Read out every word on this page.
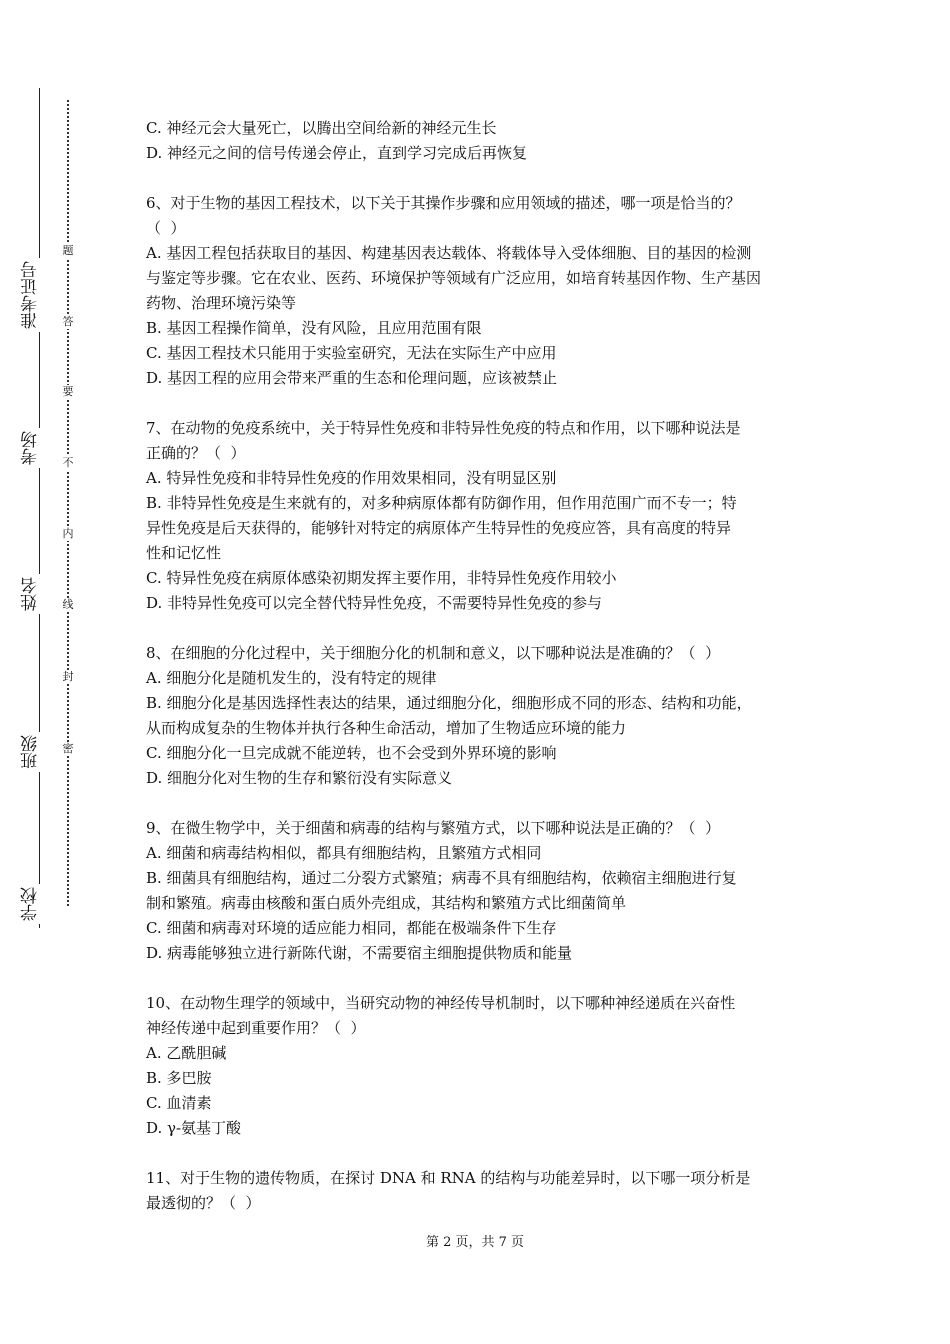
准考证号
考场
姓名
班级
学校
题
答
要
不
内
线
封
密
C. 神经元会大量死亡，以腾出空间给新的神经元生长
D. 神经元之间的信号传递会停止，直到学习完成后再恢复
6、对于生物的基因工程技术，以下关于其操作步骤和应用领域的描述，哪一项是恰当的？
（  ）
A. 基因工程包括获取目的基因、构建基因表达载体、将载体导入受体细胞、目的基因的检测
与鉴定等步骤。它在农业、医药、环境保护等领域有广泛应用，如培育转基因作物、生产基因
药物、治理环境污染等
B. 基因工程操作简单，没有风险，且应用范围有限
C. 基因工程技术只能用于实验室研究，无法在实际生产中应用
D. 基因工程的应用会带来严重的生态和伦理问题，应该被禁止
7、在动物的免疫系统中，关于特异性免疫和非特异性免疫的特点和作用，以下哪种说法是
正确的？（  ）
A. 特异性免疫和非特异性免疫的作用效果相同，没有明显区别
B. 非特异性免疫是生来就有的，对多种病原体都有防御作用，但作用范围广而不专一；特
异性免疫是后天获得的，能够针对特定的病原体产生特异性的免疫应答，具有高度的特异
性和记忆性
C. 特异性免疫在病原体感染初期发挥主要作用，非特异性免疫作用较小
D. 非特异性免疫可以完全替代特异性免疫，不需要特异性免疫的参与
8、在细胞的分化过程中，关于细胞分化的机制和意义，以下哪种说法是准确的？（  ）
A. 细胞分化是随机发生的，没有特定的规律
B. 细胞分化是基因选择性表达的结果，通过细胞分化，细胞形成不同的形态、结构和功能，
从而构成复杂的生物体并执行各种生命活动，增加了生物适应环境的能力
C. 细胞分化一旦完成就不能逆转，也不会受到外界环境的影响
D. 细胞分化对生物的生存和繁衍没有实际意义
9、在微生物学中，关于细菌和病毒的结构与繁殖方式，以下哪种说法是正确的？（  ）
A. 细菌和病毒结构相似，都具有细胞结构，且繁殖方式相同
B. 细菌具有细胞结构，通过二分裂方式繁殖；病毒不具有细胞结构，依赖宿主细胞进行复
制和繁殖。病毒由核酸和蛋白质外壳组成，其结构和繁殖方式比细菌简单
C. 细菌和病毒对环境的适应能力相同，都能在极端条件下生存
D. 病毒能够独立进行新陈代谢，不需要宿主细胞提供物质和能量
10、在动物生理学的领域中，当研究动物的神经传导机制时，以下哪种神经递质在兴奋性
神经传递中起到重要作用？（  ）
A. 乙酰胆碱
B. 多巴胺
C. 血清素
D. γ-氨基丁酸
11、对于生物的遗传物质，在探讨 DNA 和 RNA 的结构与功能差异时，以下哪一项分析是
最透彻的？（  ）
第 2 页，共 7 页
